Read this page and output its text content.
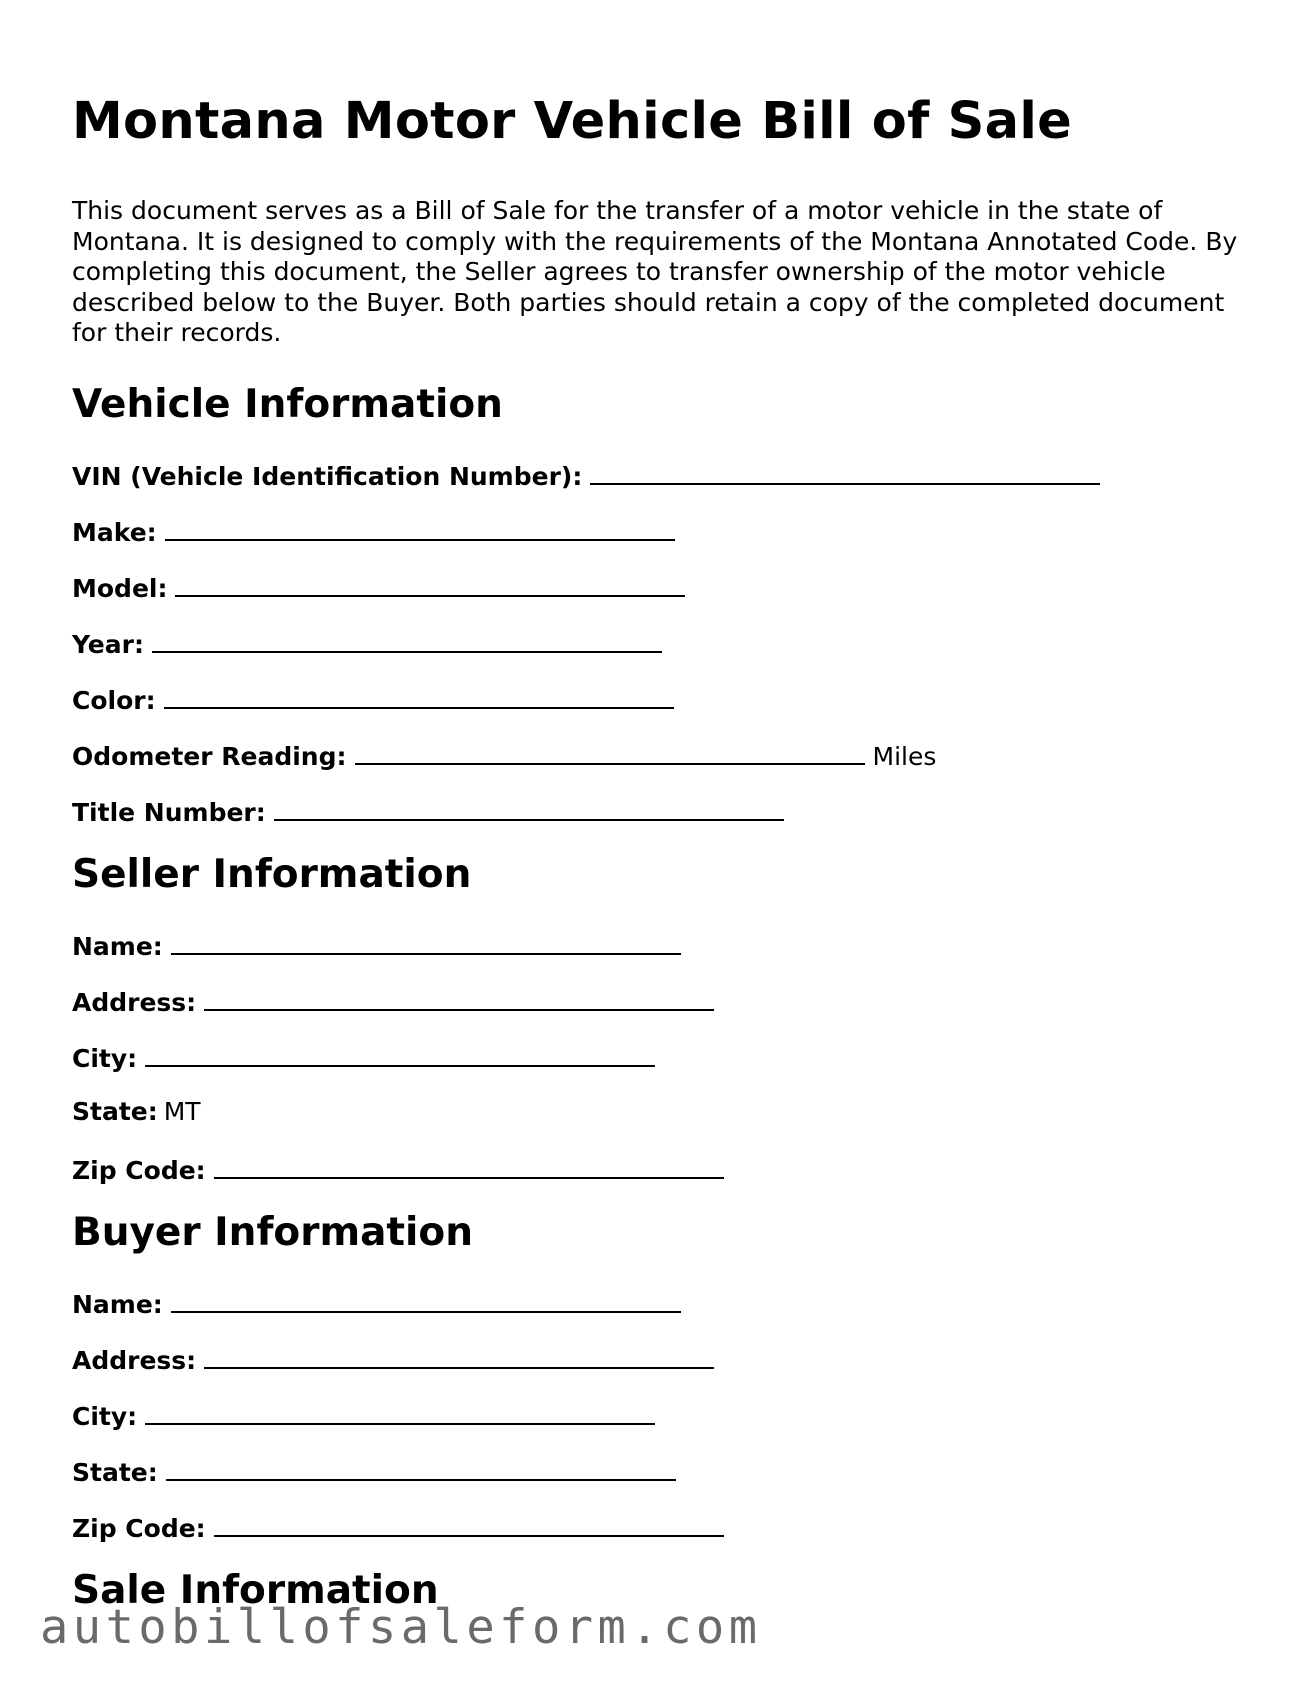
Montana Motor Vehicle Bill of Sale

This document serves as a Bill of Sale for the transfer of a motor vehicle in the state of Montana. It is designed to comply with the requirements of the Montana Annotated Code. By completing this document, the Seller agrees to transfer ownership of the motor vehicle described below to the Buyer. Both parties should retain a copy of the completed document for their records.

Vehicle Information
VIN (Vehicle Identification Number):
Make:
Model:
Year:
Color:
Odometer Reading:	Miles
Title Number:
Seller Information
Name:
Address:
City:
State: MT
Zip Code:
Buyer Information
Name:
Address:
City:
State:
Zip Code:
Sale Information
autobillofsaleform.com
